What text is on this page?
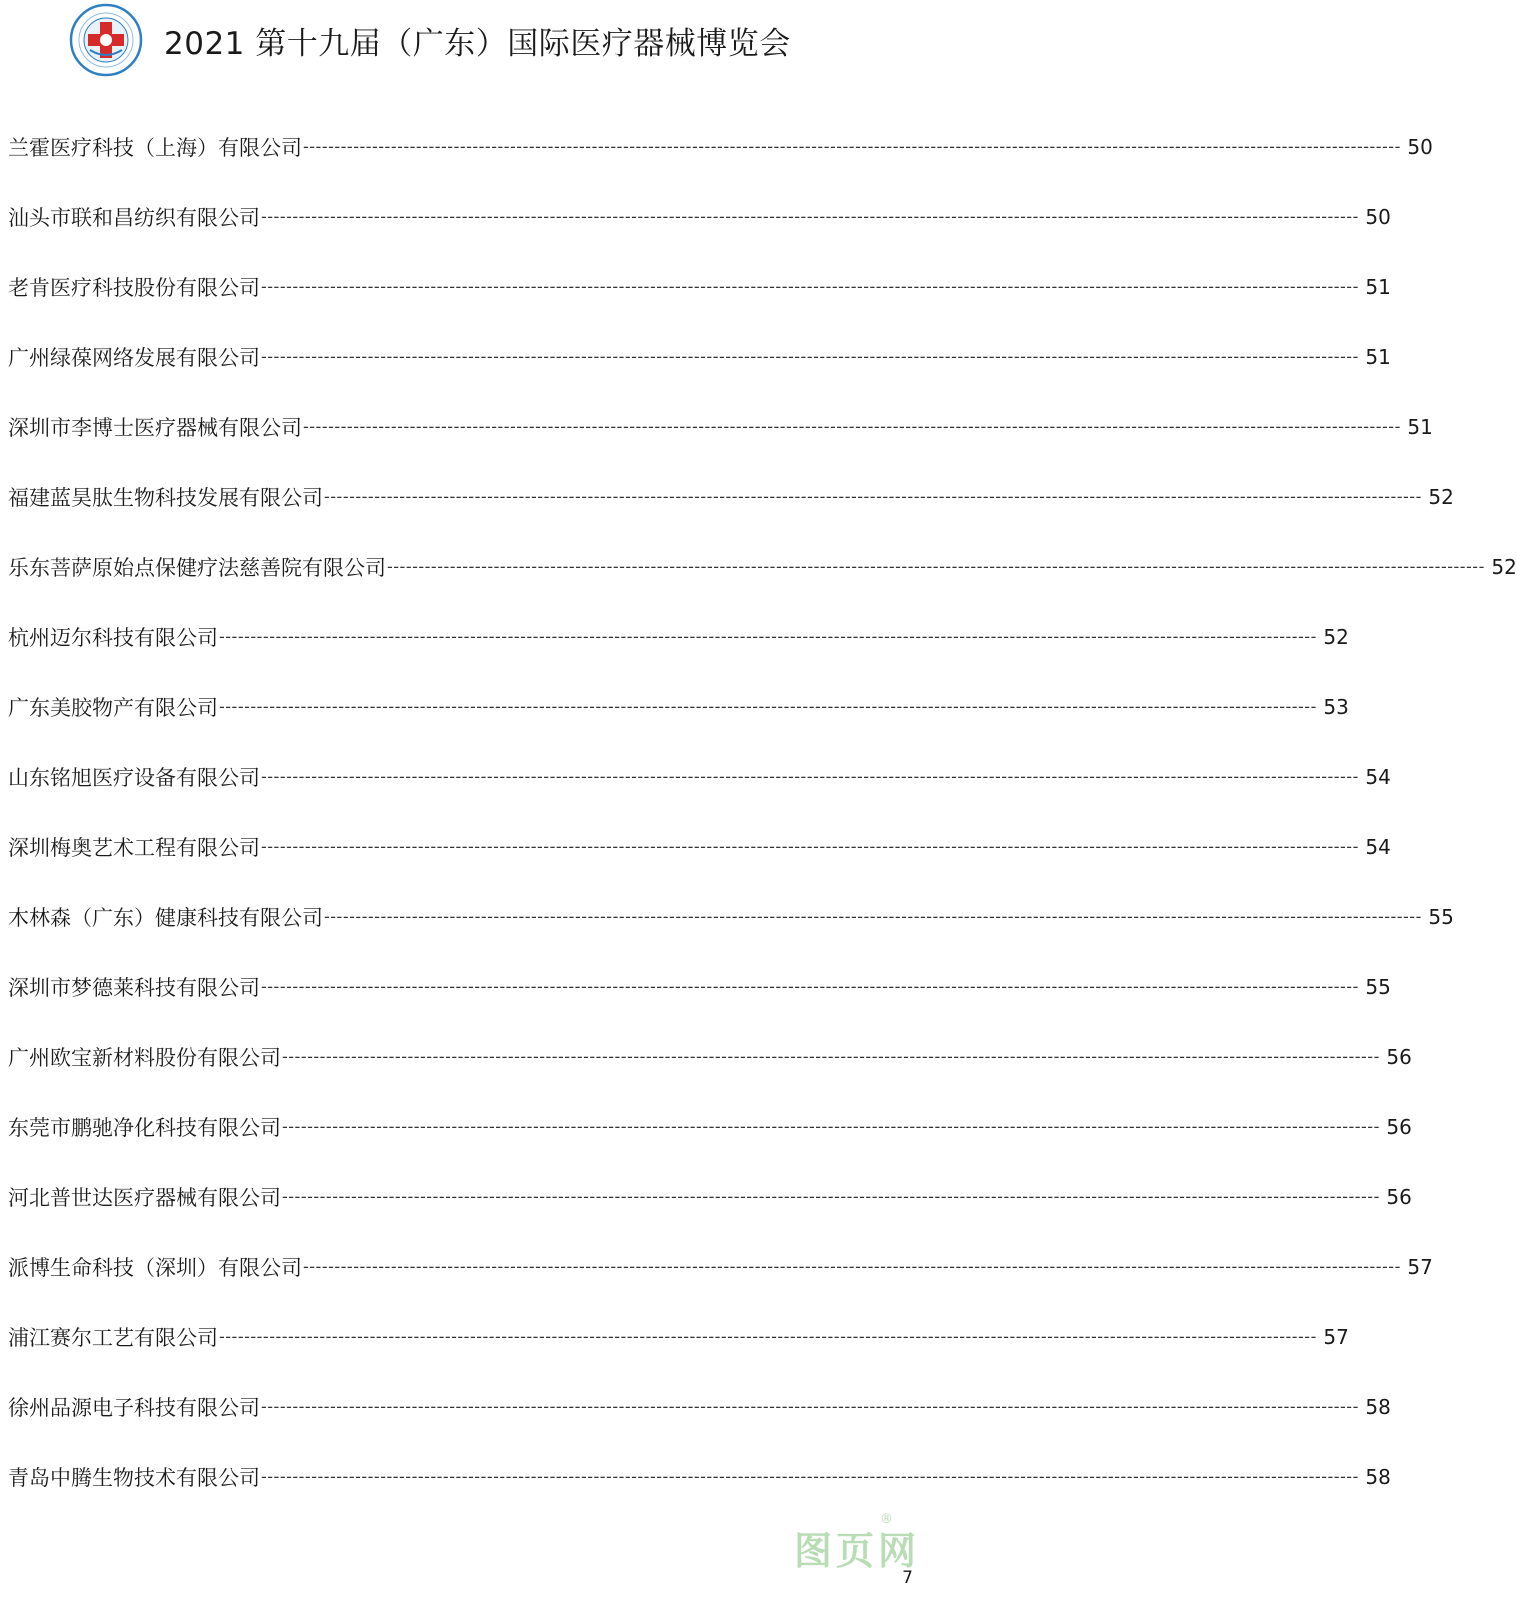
2021 第十九届（广东）国际医疗器械博览会
兰霍医疗科技（上海）有限公司 ------------------------------------------------------------------------------------------------------------------------------------------------------------------------------- 50
汕头市联和昌纺织有限公司 ------------------------------------------------------------------------------------------------------------------------------------------------------------------------------- 50
老肯医疗科技股份有限公司 ------------------------------------------------------------------------------------------------------------------------------------------------------------------------------- 51
广州绿葆网络发展有限公司 ------------------------------------------------------------------------------------------------------------------------------------------------------------------------------- 51
深圳市李博士医疗器械有限公司 ------------------------------------------------------------------------------------------------------------------------------------------------------------------------------- 51
福建蓝昊肽生物科技发展有限公司 ------------------------------------------------------------------------------------------------------------------------------------------------------------------------------- 52
乐东菩萨原始点保健疗法慈善院有限公司 ------------------------------------------------------------------------------------------------------------------------------------------------------------------------------- 52
杭州迈尔科技有限公司 ------------------------------------------------------------------------------------------------------------------------------------------------------------------------------- 52
广东美胶物产有限公司 ------------------------------------------------------------------------------------------------------------------------------------------------------------------------------- 53
山东铭旭医疗设备有限公司 ------------------------------------------------------------------------------------------------------------------------------------------------------------------------------- 54
深圳梅奥艺术工程有限公司 ------------------------------------------------------------------------------------------------------------------------------------------------------------------------------- 54
木林森（广东）健康科技有限公司 ------------------------------------------------------------------------------------------------------------------------------------------------------------------------------- 55
深圳市梦德莱科技有限公司 ------------------------------------------------------------------------------------------------------------------------------------------------------------------------------- 55
广州欧宝新材料股份有限公司 ------------------------------------------------------------------------------------------------------------------------------------------------------------------------------- 56
东莞市鹏驰净化科技有限公司 ------------------------------------------------------------------------------------------------------------------------------------------------------------------------------- 56
河北普世达医疗器械有限公司 ------------------------------------------------------------------------------------------------------------------------------------------------------------------------------- 56
派博生命科技（深圳）有限公司 ------------------------------------------------------------------------------------------------------------------------------------------------------------------------------- 57
浦江赛尔工艺有限公司 ------------------------------------------------------------------------------------------------------------------------------------------------------------------------------- 57
徐州品源电子科技有限公司 ------------------------------------------------------------------------------------------------------------------------------------------------------------------------------- 58
青岛中腾生物技术有限公司 ------------------------------------------------------------------------------------------------------------------------------------------------------------------------------- 58
®
图页网
7
